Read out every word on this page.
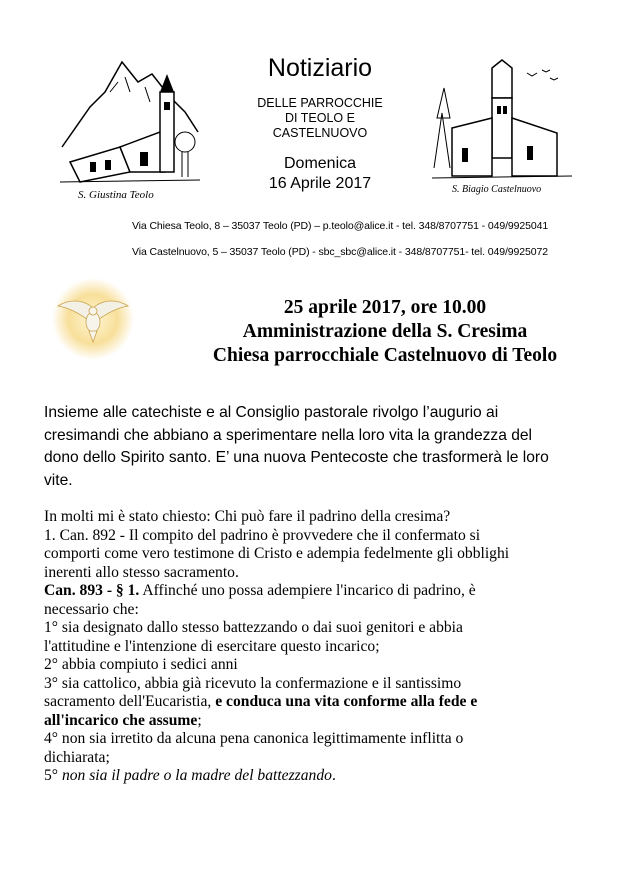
S. Giustina Teolo	S. Biagio Castelnuovo
Notiziario
DELLE PARROCCHIE
DI TEOLO E
CASTELNUOVO
Domenica
16 Aprile 2017
Via Chiesa Teolo, 8 – 35037 Teolo (PD) – p.teolo@alice.it - tel. 348/8707751 - 049/9925041
Via Castelnuovo, 5 – 35037 Teolo (PD) - sbc_sbc@alice.it - 348/8707751- tel. 049/9925072
25 aprile 2017, ore 10.00
Amministrazione della S. Cresima
Chiesa parrocchiale Castelnuovo di Teolo
Insieme alle catechiste e al Consiglio pastorale rivolgo l’augurio ai
cresimandi che abbiano a sperimentare nella loro vita la grandezza del
dono dello Spirito santo. E’ una nuova Pentecoste che trasformerà le loro
vite.

In molti mi è stato chiesto: Chi può fare il padrino della cresima?

1. Can. 892 - Il compito del padrino è provvedere che il confermato si

comporti come vero testimone di Cristo e adempia fedelmente gli obblighi

inerenti allo stesso sacramento.

Can. 893 - § 1. Affinché uno possa adempiere l'incarico di padrino, è

necessario che:

1° sia designato dallo stesso battezzando o dai suoi genitori e abbia

l'attitudine e l'intenzione di esercitare questo incarico;

2° abbia compiuto i sedici anni

3° sia cattolico, abbia già ricevuto la confermazione e il santissimo

sacramento dell'Eucaristia, e conduca una vita conforme alla fede e

all'incarico che assume;

4° non sia irretito da alcuna pena canonica legittimamente inflitta o

dichiarata;

5° non sia il padre o la madre del battezzando.
